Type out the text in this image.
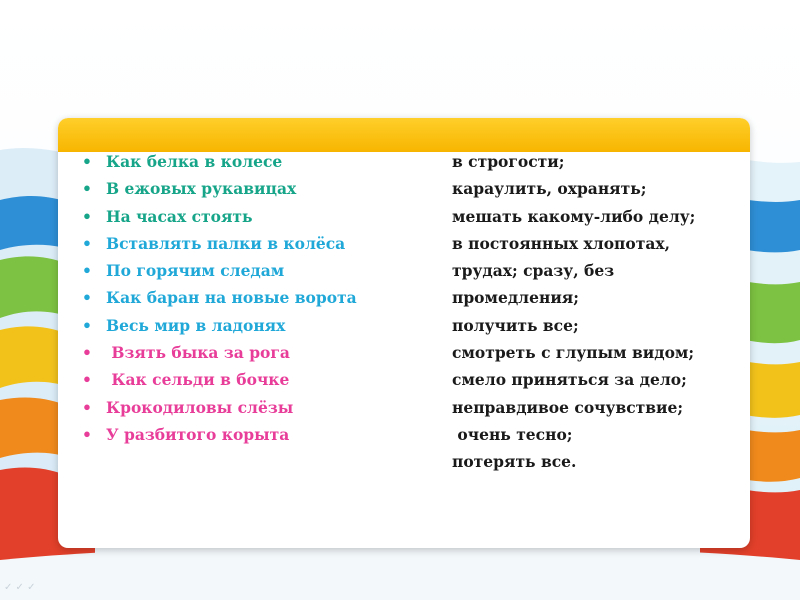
• Как белка в колесе
• В ежовых рукавицах
• На часах стоять
• Вставлять палки в колёса
• По горячим следам
• Как баран на новые ворота
• Весь мир в ладонях
• Взять быка за рога
• Как сельди в бочке
• Крокодиловы слёзы
• У разбитого корыта
в строгости;
караулить, охранять;
мешать какому-либо делу;
в постоянных хлопотах,
трудах; сразу, без
промедления;
получить все;
смотреть с глупым видом;
смело приняться за дело;
неправдивое сочувствие;
очень тесно;
потерять все.
✓ ✓ ✓
